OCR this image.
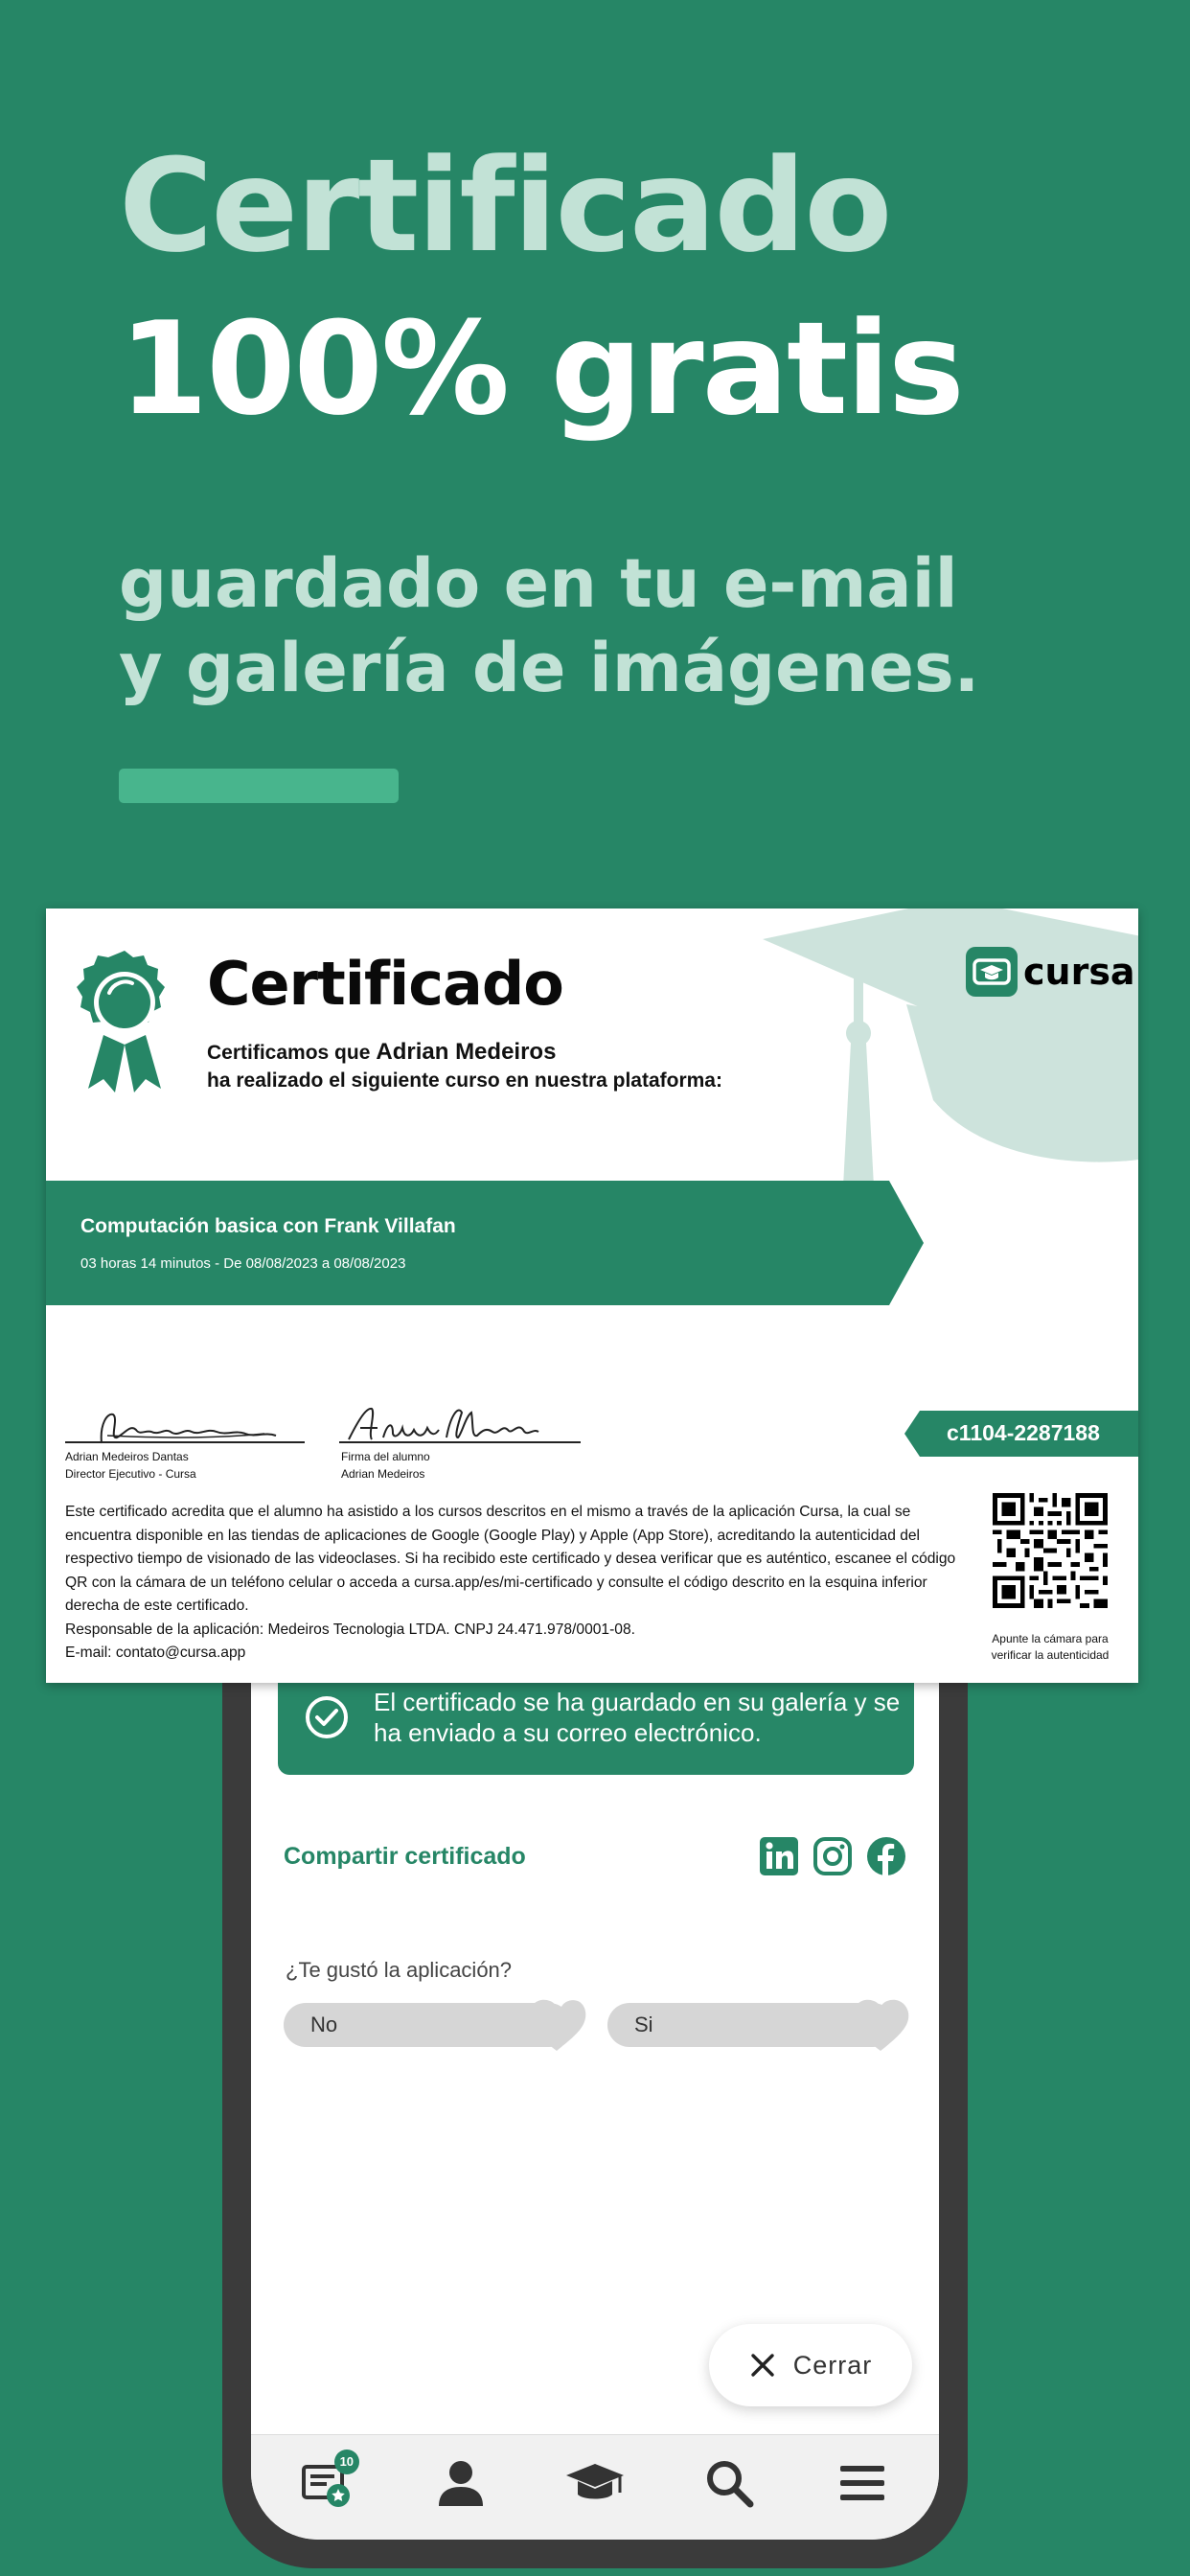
Certificado
100% gratis
guardado en tu e-mail
y galería de imágenes.
El certificado se ha guardado en su galería y se ha enviado a su correo electrónico.
Compartir certificado
¿Te gustó la aplicación?
No	Si
Cerrar
10
cursa
Certificado
Certificamos que Adrian Medeiros
ha realizado el siguiente curso en nuestra plataforma:
Computación basica con Frank Villafan
03 horas 14 minutos - De 08/08/2023 a 08/08/2023
Adrian Medeiros Dantas
Director Ejecutivo - Cursa
Firma del alumno
Adrian Medeiros
c1104-2287188
Este certificado acredita que el alumno ha asistido a los cursos descritos en el mismo a través de la aplicación Cursa, la cual se encuentra disponible en las tiendas de aplicaciones de Google (Google Play) y Apple (App Store), acreditando la autenticidad del respectivo tiempo de visionado de las videoclases. Si ha recibido este certificado y desea verificar que es auténtico, escanee el código QR con la cámara de un teléfono celular o acceda a cursa.app/es/mi-certificado y consulte el código descrito en la esquina inferior derecha de este certificado.
Responsable de la aplicación: Medeiros Tecnologia LTDA. CNPJ 24.471.978/0001-08.
E-mail: contato@cursa.app
Apunte la cámara para
verificar la autenticidad
